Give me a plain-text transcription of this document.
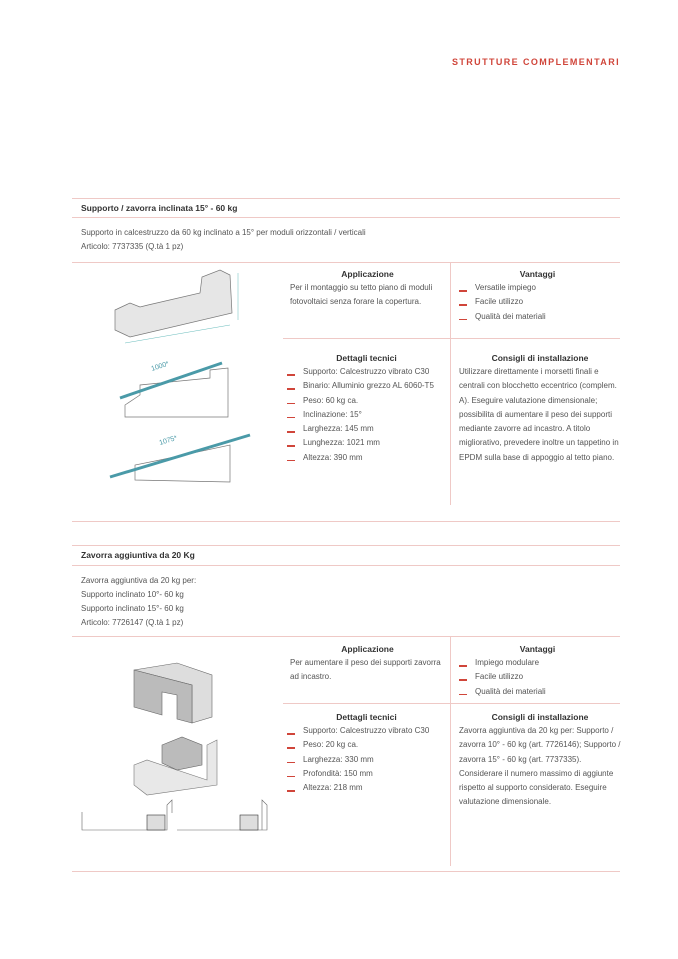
STRUTTURE COMPLEMENTARI
Supporto / zavorra inclinata 15° - 60 kg
Supporto in calcestruzzo da 60 kg inclinato a 15° per moduli orizzontali / verticali
Articolo: 7737335 (Q.tà 1 pz)
1000*
1075*
Applicazione
Per il montaggio su tetto piano di moduli fotovoltaici senza forare la copertura.
Vantaggi
Versatile impiego
Facile utilizzo
Qualità dei materiali
Dettagli tecnici
Supporto: Calcestruzzo vibrato C30
Binario: Alluminio grezzo AL 6060-T5
Peso: 60 kg ca.
Inclinazione: 15°
Larghezza: 145 mm
Lunghezza: 1021 mm
Altezza: 390 mm
Consigli di installazione
Utilizzare direttamente i morsetti finali e centrali con blocchetto eccentrico (complem. A). Eseguire valutazione dimensionale; possibilita di aumentare il peso dei supporti mediante zavorre ad incastro. A titolo migliorativo, prevedere inoltre un tappetino in EPDM sulla base di appoggio al tetto piano.
Zavorra aggiuntiva da 20 Kg
Zavorra aggiuntiva da 20 kg per:
Supporto inclinato 10°- 60 kg
Supporto inclinato 15°- 60 kg
Articolo: 7726147 (Q.tà 1 pz)
Applicazione
Per aumentare il peso dei supporti zavorra ad incastro.
Vantaggi
Impiego modulare
Facile utilizzo
Qualità dei materiali
Dettagli tecnici
Supporto: Calcestruzzo vibrato C30
Peso: 20 kg ca.
Larghezza: 330 mm
Profondità: 150 mm
Altezza: 218 mm
Consigli di installazione
Zavorra aggiuntiva da 20 kg per: Supporto / zavorra 10° - 60 kg (art. 7726146); Supporto / zavorra 15° - 60 kg (art. 7737335). Considerare il numero massimo di aggiunte rispetto al supporto considerato. Eseguire valutazione dimensionale.
